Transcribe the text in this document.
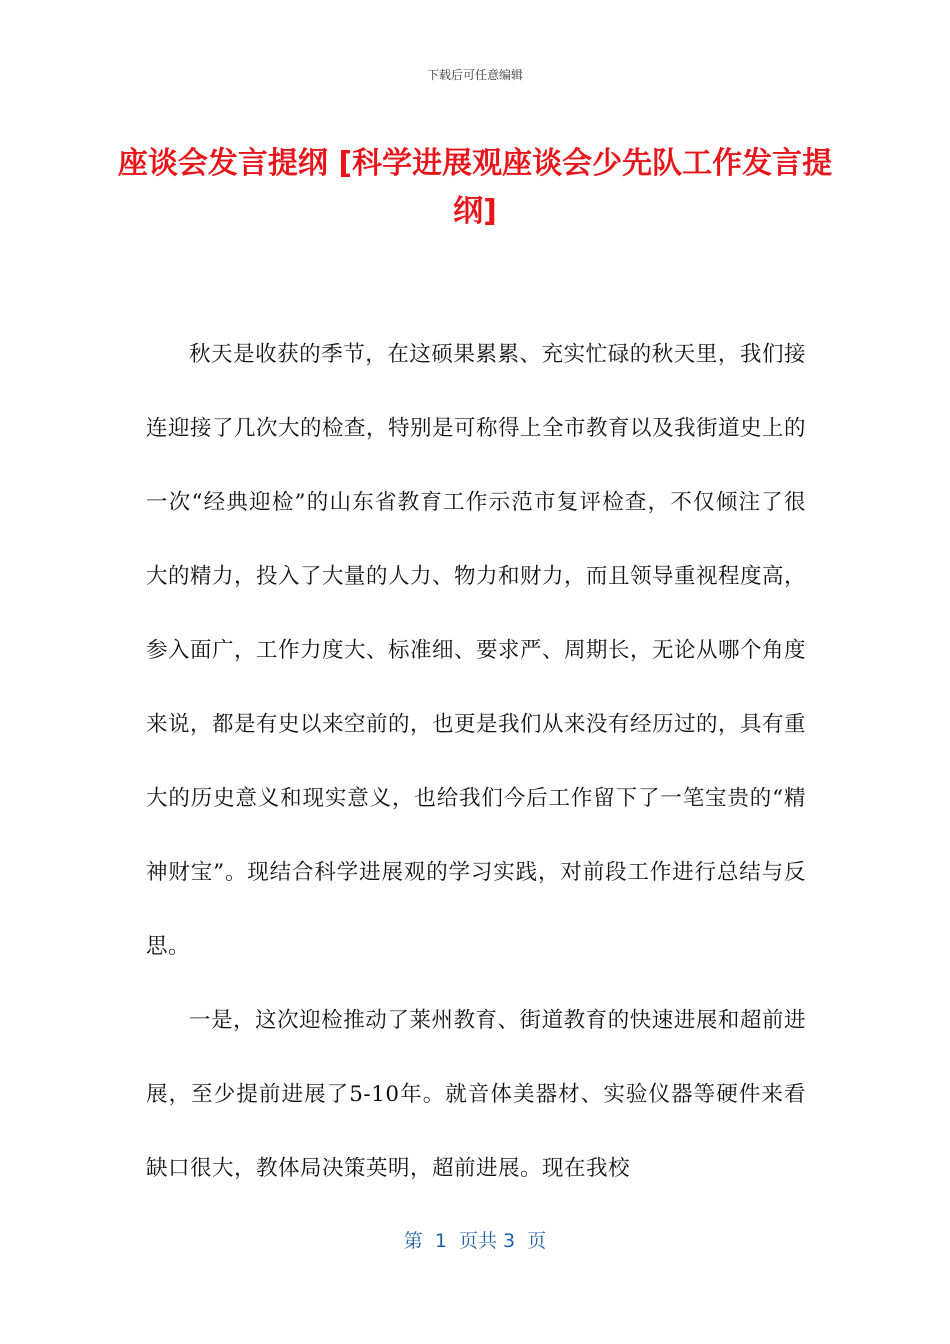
下载后可任意编辑
座谈会发言提纲 [科学进展观座谈会少先队工作发言提纲]

秋天是收获的季节，在这硕果累累、充实忙碌的秋天里，我们接连迎接了几次大的检查，特别是可称得上全市教育以及我街道史上的一次“经典迎检”的山东省教育工作示范市复评检查，不仅倾注了很大的精力，投入了大量的人力、物力和财力，而且领导重视程度高，参入面广，工作力度大、标准细、要求严、周期长，无论从哪个角度来说，都是有史以来空前的，也更是我们从来没有经历过的，具有重大的历史意义和现实意义，也给我们今后工作留下了一笔宝贵的“精神财宝”。现结合科学进展观的学习实践，对前段工作进行总结与反思。

一是，这次迎检推动了莱州教育、街道教育的快速进展和超前进展，至少提前进展了5-10年。就音体美器材、实验仪器等硬件来看缺口很大，教体局决策英明，超前进展。现在我校

第  1  页共 3  页
